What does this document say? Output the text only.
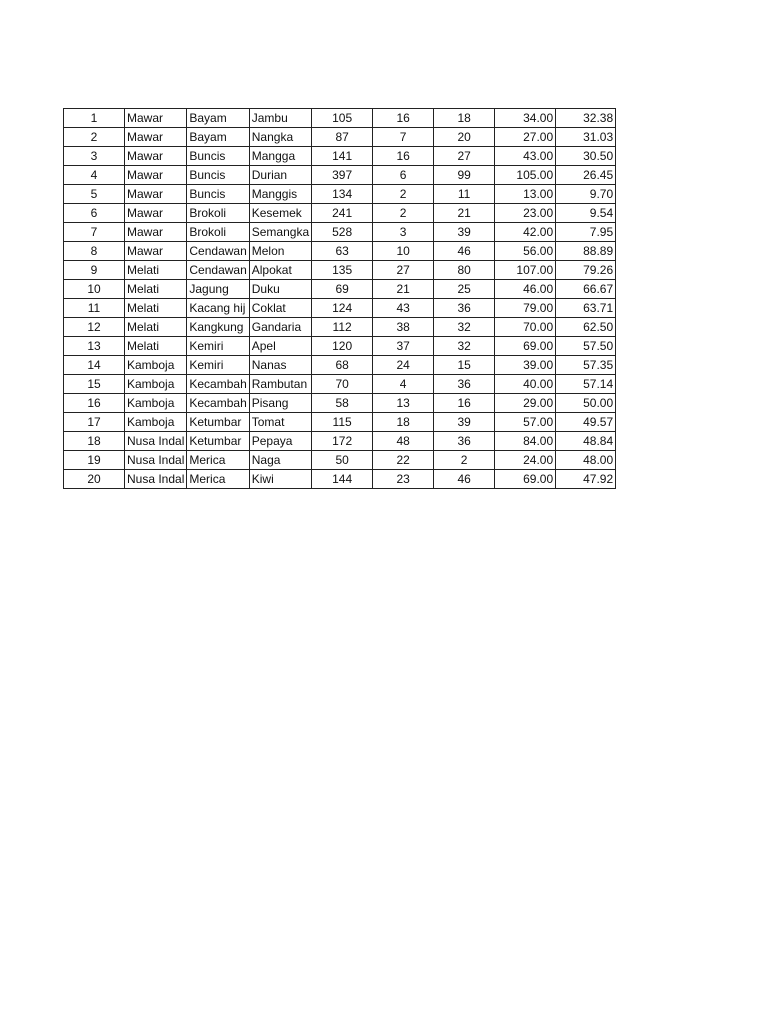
1	Mawar	Bayam	Jambu	105	16	18	34.00	32.38
2	Mawar	Bayam	Nangka	87	7	20	27.00	31.03
3	Mawar	Buncis	Mangga	141	16	27	43.00	30.50
4	Mawar	Buncis	Durian	397	6	99	105.00	26.45
5	Mawar	Buncis	Manggis	134	2	11	13.00	9.70
6	Mawar	Brokoli	Kesemek	241	2	21	23.00	9.54
7	Mawar	Brokoli	Semangka	528	3	39	42.00	7.95
8	Mawar	Cendawan	Melon	63	10	46	56.00	88.89
9	Melati	Cendawan	Alpokat	135	27	80	107.00	79.26
10	Melati	Jagung	Duku	69	21	25	46.00	66.67
11	Melati	Kacang hij	Coklat	124	43	36	79.00	63.71
12	Melati	Kangkung	Gandaria	112	38	32	70.00	62.50
13	Melati	Kemiri	Apel	120	37	32	69.00	57.50
14	Kamboja	Kemiri	Nanas	68	24	15	39.00	57.35
15	Kamboja	Kecambah	Rambutan	70	4	36	40.00	57.14
16	Kamboja	Kecambah	Pisang	58	13	16	29.00	50.00
17	Kamboja	Ketumbar	Tomat	115	18	39	57.00	49.57
18	Nusa Indal	Ketumbar	Pepaya	172	48	36	84.00	48.84
19	Nusa Indal	Merica	Naga	50	22	2	24.00	48.00
20	Nusa Indal	Merica	Kiwi	144	23	46	69.00	47.92
